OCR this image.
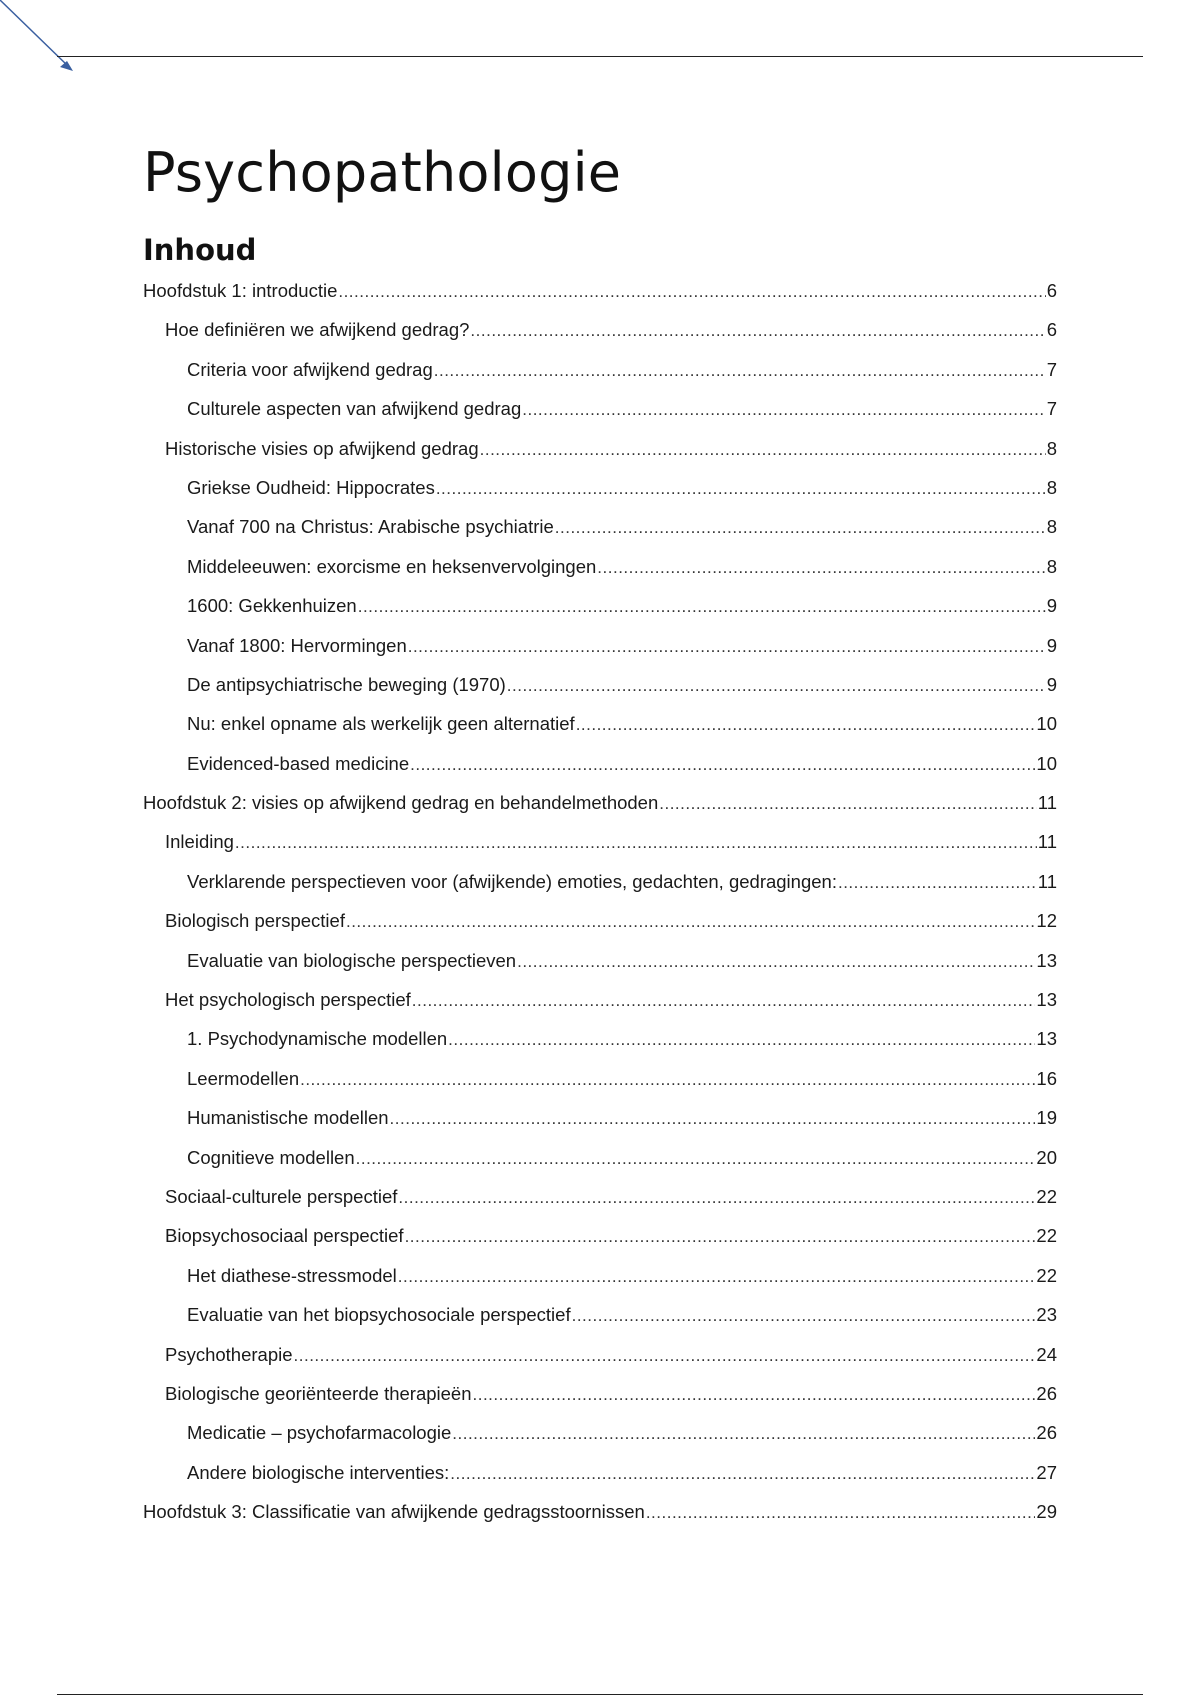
Psychopathologie
Inhoud
Hoofdstuk 1: introductie .....	6
Hoe definiëren we afwijkend gedrag? .....	6
Criteria voor afwijkend gedrag .....	7
Culturele aspecten van afwijkend gedrag .....	7
Historische visies op afwijkend gedrag .....	8
Griekse Oudheid: Hippocrates .....	8
Vanaf 700 na Christus: Arabische psychiatrie .....	8
Middeleeuwen: exorcisme en heksenvervolgingen .....	8
1600: Gekkenhuizen .....	9
Vanaf 1800: Hervormingen .....	9
De antipsychiatrische beweging (1970) .....	9
Nu: enkel opname als werkelijk geen alternatief .....	10
Evidenced-based medicine .....	10
Hoofdstuk 2: visies op afwijkend gedrag en behandelmethoden .....	11
Inleiding .....	11
Verklarende perspectieven voor (afwijkende) emoties, gedachten, gedragingen: .....	11
Biologisch perspectief .....	12
Evaluatie van biologische perspectieven .....	13
Het psychologisch perspectief .....	13
1. Psychodynamische modellen .....	13
Leermodellen .....	16
Humanistische modellen .....	19
Cognitieve modellen .....	20
Sociaal-culturele perspectief .....	22
Biopsychosociaal perspectief .....	22
Het diathese-stressmodel .....	22
Evaluatie van het biopsychosociale perspectief .....	23
Psychotherapie .....	24
Biologische georiënteerde therapieën .....	26
Medicatie – psychofarmacologie .....	26
Andere biologische interventies: .....	27
Hoofdstuk 3: Classificatie van afwijkende gedragsstoornissen .....	29
